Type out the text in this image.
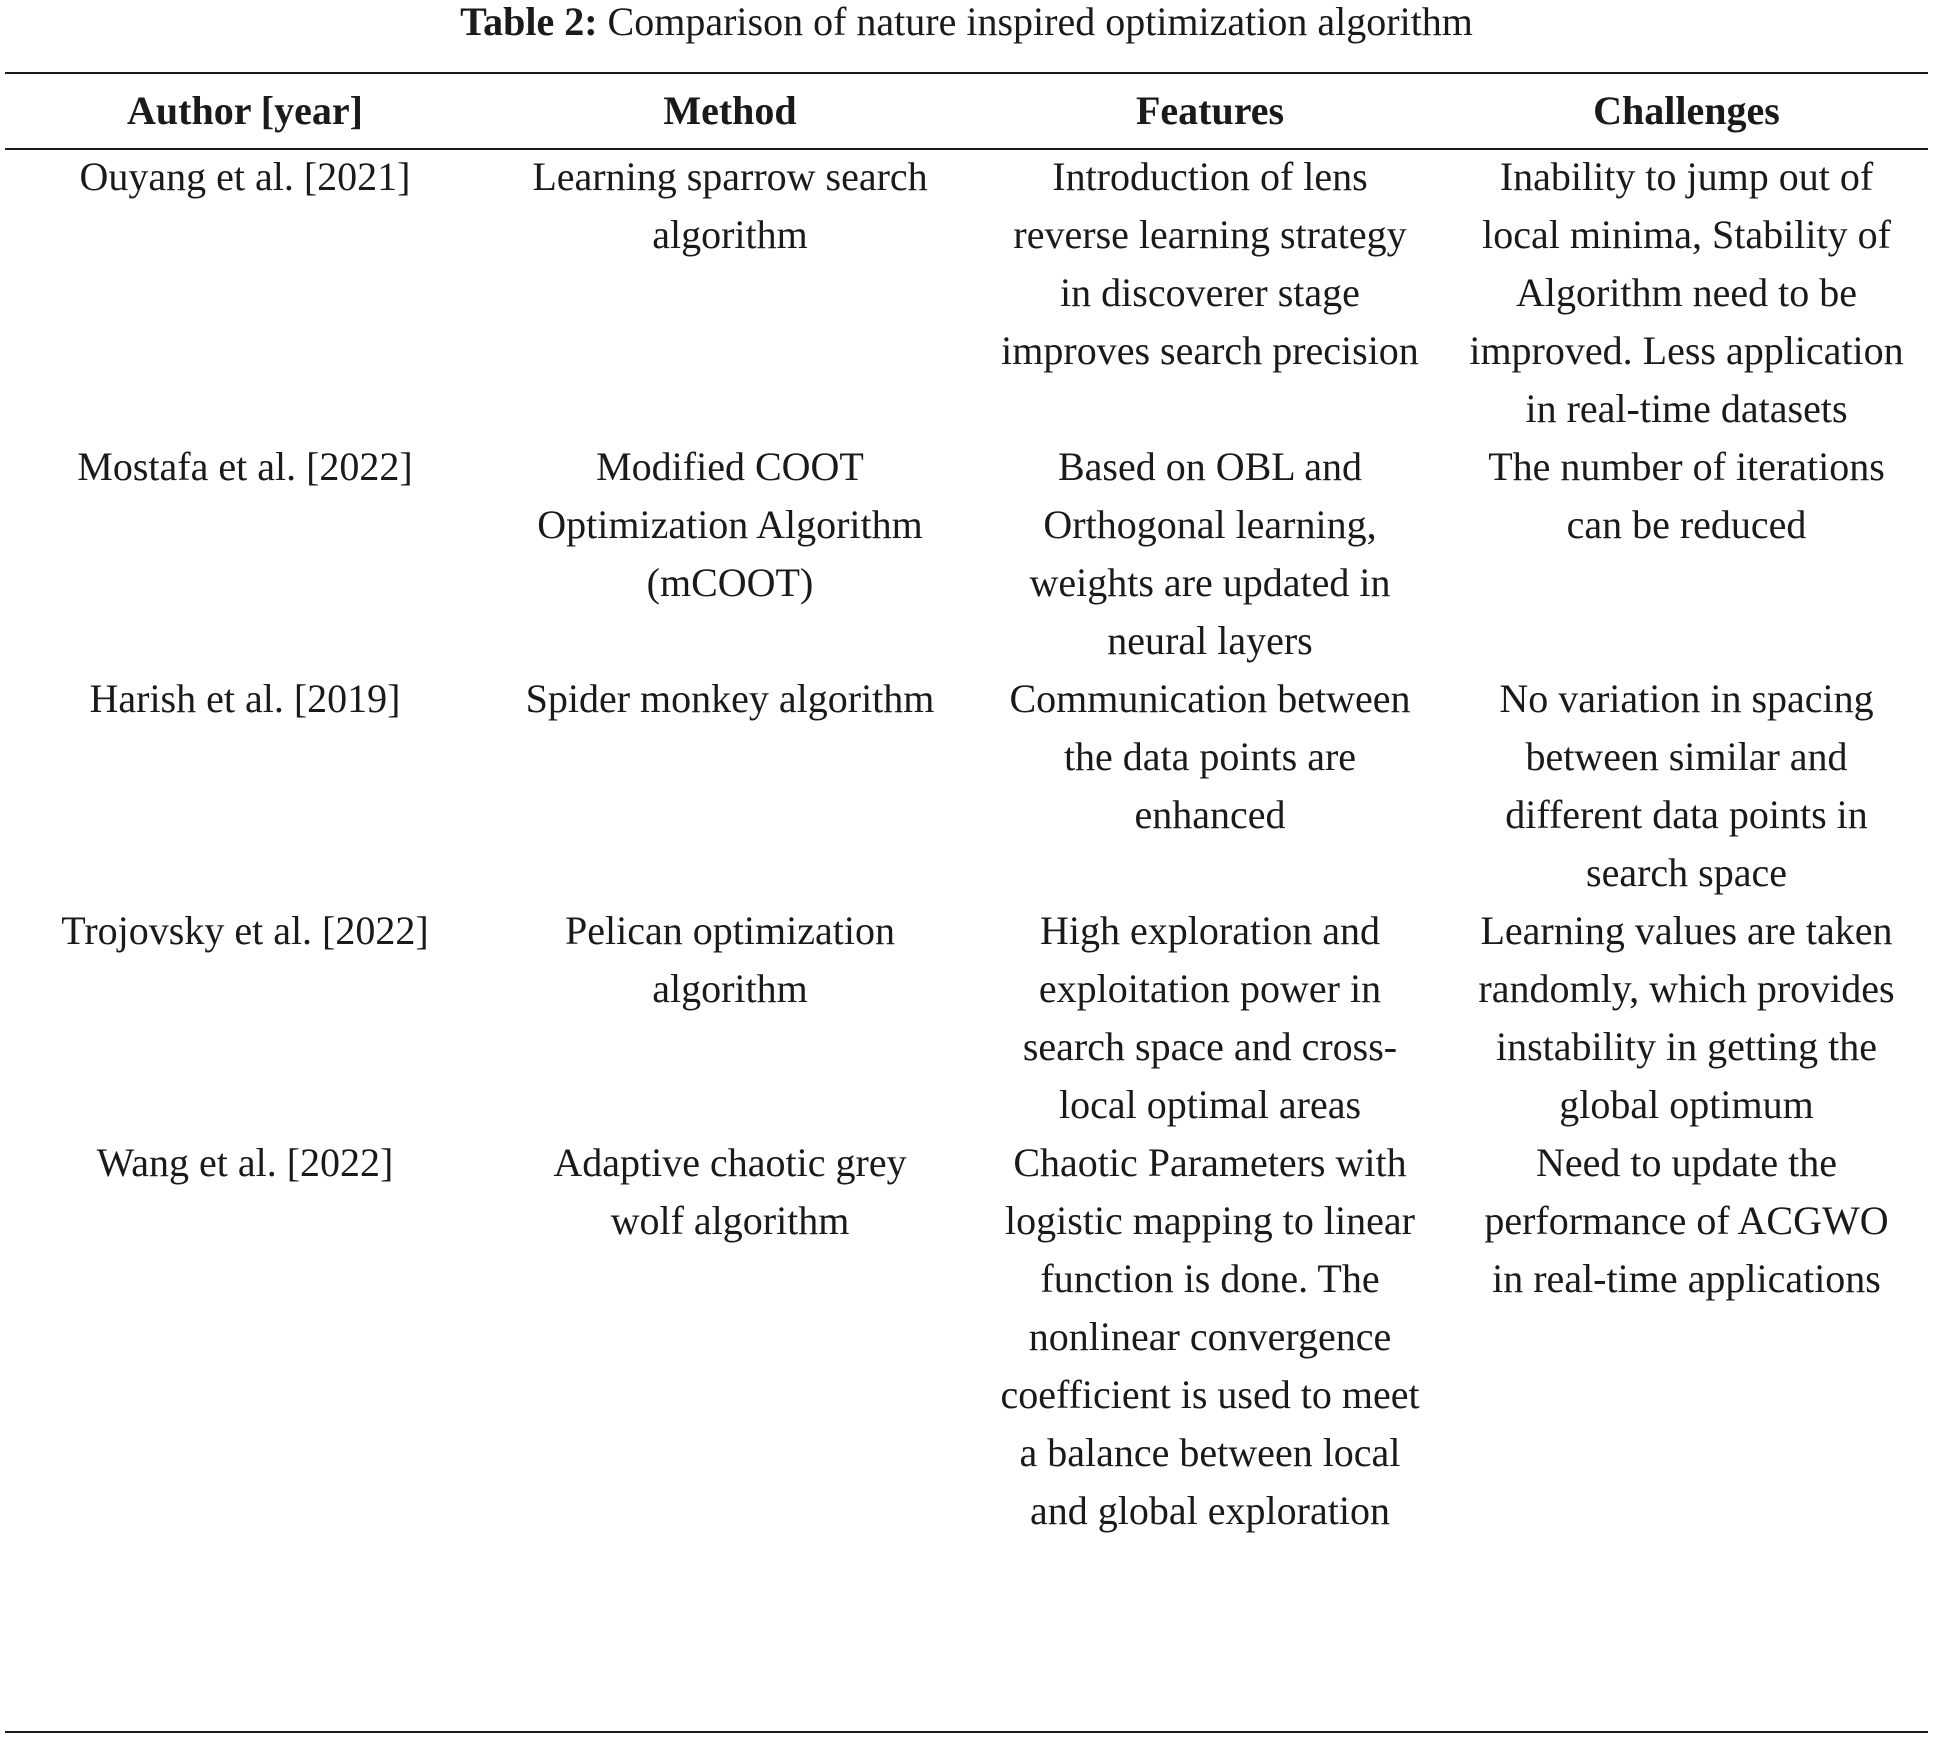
Table 2: Comparison of nature inspired optimization algorithm
Author [year]	Method	Features	Challenges

Ouyang et al. [2021]	Learning sparrow search algorithm	Introduction of lens reverse learning strategy in discoverer stage improves search precision	Inability to jump out of local minima, Stability of Algorithm need to be improved. Less application in real-time datasets

Mostafa et al. [2022]	Modified COOT Optimization Algorithm (mCOOT)	Based on OBL and Orthogonal learning, weights are updated in neural layers	The number of iterations can be reduced

Harish et al. [2019]	Spider monkey algorithm	Communication between the data points are enhanced	No variation in spacing between similar and different data points in search space

Trojovsky et al. [2022]	Pelican optimization algorithm	High exploration and exploitation power in search space and cross-local optimal areas	Learning values are taken randomly, which provides instability in getting the global optimum

Wang et al. [2022]	Adaptive chaotic grey wolf algorithm	Chaotic Parameters with logistic mapping to linear function is done. The nonlinear convergence coefficient is used to meet a balance between local and global exploration	Need to update the performance of ACGWO in real-time applications
